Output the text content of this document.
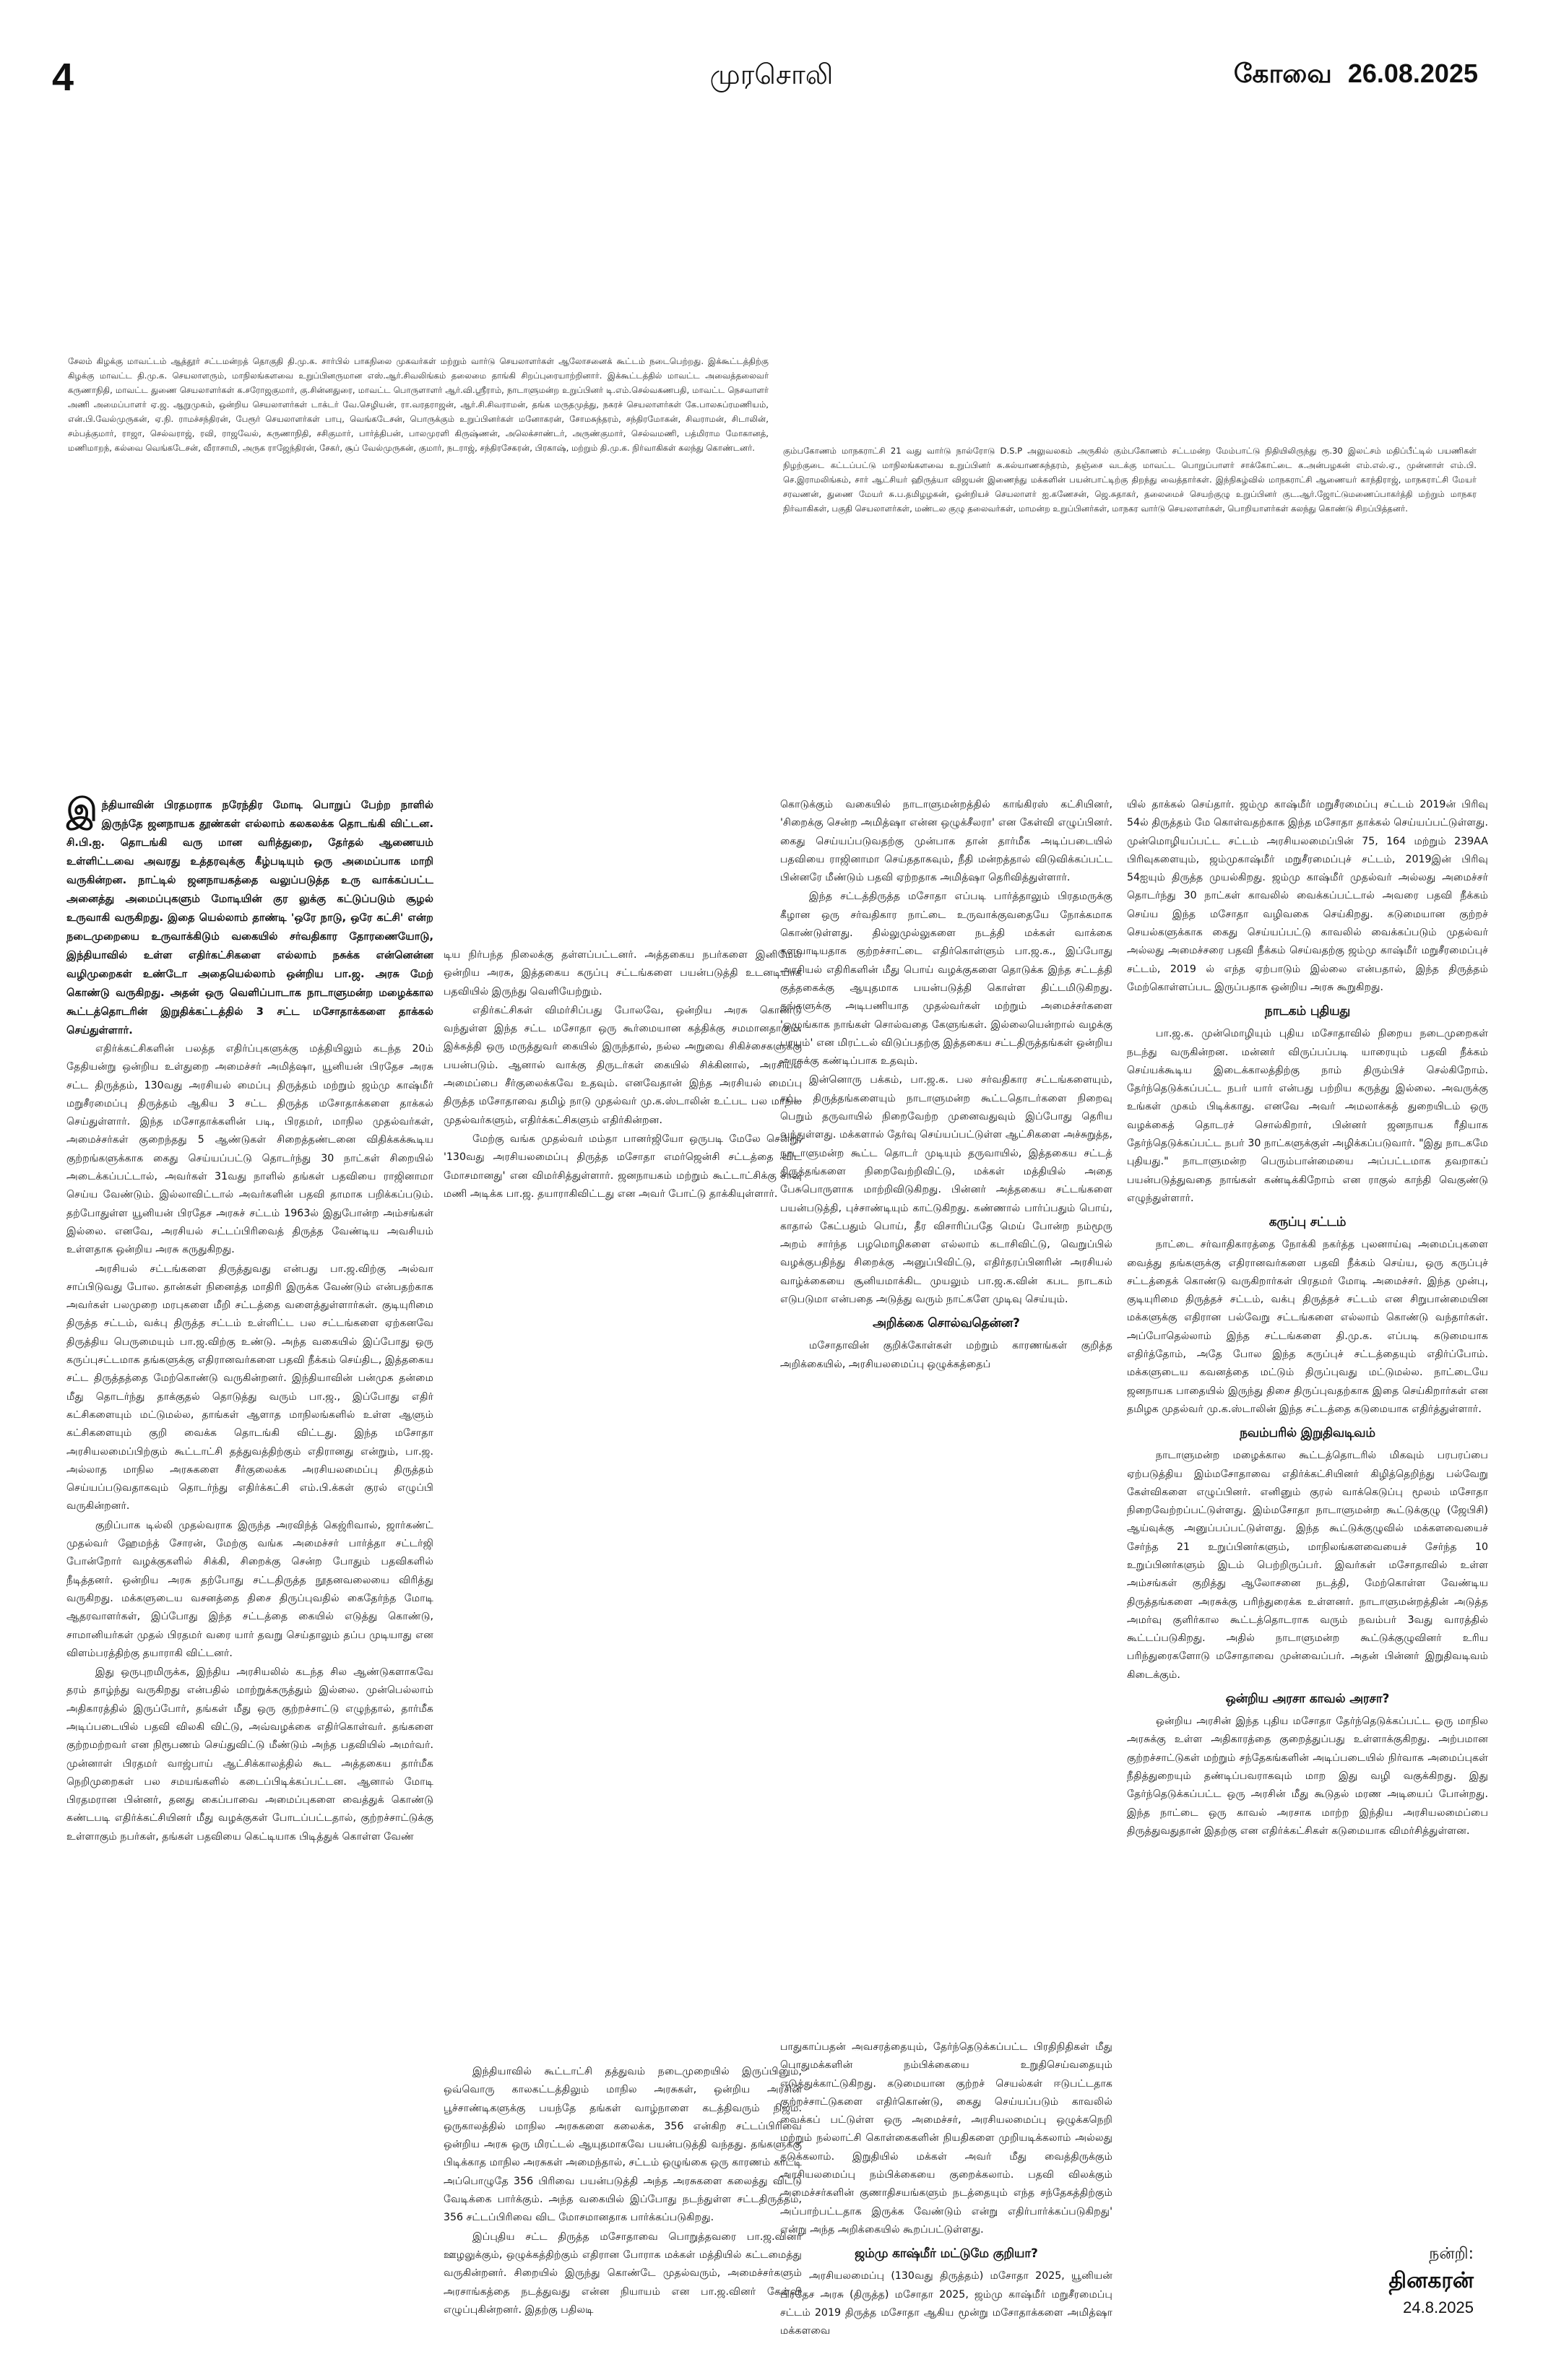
4	முரசொலி	கோவை 26.08.2025

சேலம் கிழக்கு மாவட்டம் ஆத்தூர் சட்டமன்றத் தொகுதி தி.மு.க. சார்பில் பாகநிலை முகவர்கள் மற்றும் வார்டு செயலாளர்கள் ஆலோசனைக் கூட்டம் நடைபெற்றது. இக்கூட்டத்திற்கு கிழக்கு மாவட்ட தி.மு.க. செயலாளரும், மாநிலங்களவை உறுப்பினருமான எஸ்.ஆர்.சிவலிங்கம் தலைமை தாங்கி சிறப்புரையாற்றினார். இக்கூட்டத்தில் மாவட்ட அவைத்தலைவர் கருணாநிதி, மாவட்ட துணை செயலாளர்கள் க.சரோஜகுமார், கு.சின்னதுரை, மாவட்ட பொருளாளர் ஆர்.வி.ஸ்ரீராம், நாடாளுமன்ற உறுப்பினர் டி.எம்.செல்வகணபதி, மாவட்ட நெசவாளர் அணி அமைப்பாளர் ஏ.ஜ. ஆறுமுகம், ஒன்றிய செயலாளர்கள் டாக்டர் வே.செழியன், ரா.வரதராஜன், ஆர்.சி.சிவராமன், தங்க மருதமுத்து, நகரச் செயலாளர்கள் கே.பாலசுப்ரமணியம், என்.பி.வேல்முருகன், ஏ.நி. ராமச்சந்திரன், பேரூர் செயலாளர்கள் பாபு, வெங்கடேசன், பொருக்கும் உறுப்பினர்கள் மனோகரன், சோமசுந்தரம், சந்திரமோகன், சிவராமன், சிடாலின், சம்பத்குமார், ராஜா, செல்வராஜ், ரவி, ராஜவேல், கருணாநிதி, சசிகுமார், பார்த்திபன், பாலமுரளி கிருஷ்ணன், அலெக்சாண்டர், அருண்குமார், செல்வமணி, பத்மிராம மோகானத், மணிமாறந், கல்வை வெங்கடேசன், வீராசாமி, அருக ராஜேந்திரன், சேகர், சூப் வேல்முருகன், குமார், நடராஜ், சந்திரசேகரன், பிரகாஷ், மற்றும் தி.மு.க. நிர்வாகிகள் கலந்து கொண்டனர்.	கும்பகோணம் மாநகராட்சி 21 வது வார்டு நால்ரோடு D.S.P அலுவலகம் அருகில் கும்பகோணம் சட்டமன்ற மேம்பாட்டு நிதியிலிருந்து ரூ.30 இலட்சம் மதிப்பீட்டில் பயணிகள் நிழற்குடை கட்டப்பட்டு மாநிலங்களவை உறுப்பினர் சு.கல்யாணசுந்தரம், தஞ்சை வடக்கு மாவட்ட பொறுப்பாளர் சாக்கோட்டை க.அன்பழகன் எம்.எல்.ஏ., முன்னாள் எம்.பி. செ.இராமலிங்கம், சார் ஆட்சியர் ஹிருத்யா விஜயன் இணைந்து மக்களின் பயன்பாட்டிற்கு திறந்து வைத்தார்கள். இந்நிகழ்வில் மாநகராட்சி ஆணையர் காந்திராஜ், மாநகராட்சி மேயர் சரவணன், துணை மேயர் சு.ப.தமிழழகன், ஒன்றியச் செயலாளர் ஐ.கணேசன், ஜெ.சுதாகர், தலைமைச் செயற்குழு உறுப்பினர் குட.ஆர்.ஜோட்டுமணைப்பாகர்த்தி மற்றும் மாநகர நிர்வாகிகள், பகுதி செயலாளர்கள், மண்டல குழு தலைவர்கள், மாமன்ற உறுப்பினர்கள், மாநகர வார்டு செயலாளர்கள், பொறியாளர்கள் கலந்து கொண்டு சிறப்பித்தனர்.

இந்தியாவின் பிரதமராக நரேந்திர மோடி பொறுப் பேற்ற நாளில் இருந்தே ஜனநாயக தூண்கள் எல்லாம் கலகலக்க தொடங்கி விட்டன. சி.பி.ஐ. தொடங்கி வரு மான வரித்துறை, தேர்தல் ஆணையம் உள்ளிட்டவை அவரது உத்தரவுக்கு கீழ்படியும் ஒரு அமைப்பாக மாறி வருகின்றன. நாட்டில் ஜனநாயகத்தை வலுப்படுத்த உரு வாக்கப்பட்ட அனைத்து அமைப்புகளும் மோடியின் குர லுக்கு கட்டுப்படும் சூழல் உருவாகி வருகிறது. இதை யெல்லாம் தாண்டி 'ஒரே நாடு, ஒரே கட்சி' என்ற நடைமுறையை உருவாக்கிடும் வகையில் சர்வதிகார தோரணையோடு, இந்தியாவில் உள்ள எதிர்கட்சிகளை எல்லாம் நசுக்க என்னென்ன வழிமுறைகள் உண்டோ அதையெல்லாம் ஒன்றிய பா.ஜ. அரசு மேற் கொண்டு வருகிறது. அதன் ஒரு வெளிப்பாடாக நாடாளுமன்ற மழைக்கால கூட்டத்தொடரின் இறுதிக்கட்டத்தில் 3 சட்ட மசோதாக்களை தாக்கல் செய்துள்ளார்.

எதிர்க்கட்சிகளின் பலத்த எதிர்ப்புகளுக்கு மத்தியிலும் கடந்த 20ம் தேதியன்று ஒன்றிய உள்துறை அமைச்சர் அமித்ஷா, யூனியன் பிரதேச அரசு சட்ட திருத்தம், 130வது அரசியல் மைப்பு திருத்தம் மற்றும் ஜம்மு காஷ்மீர் மறுசீரமைப்பு திருத்தம் ஆகிய 3 சட்ட திருத்த மசோதாக்களை தாக்கல் செய்துள்ளார். இந்த மசோதாக்களின் படி, பிரதமர், மாநில முதல்வர்கள், அமைச்சர்கள் குறைந்தது 5 ஆண்டுகள் சிறைத்தண்டனை விதிக்கக்கூடிய குற்றங்களுக்காக கைது செய்யப்பட்டு தொடர்ந்து 30 நாட்கள் சிறையில் அடைக்கப்பட்டால், அவர்கள் 31வது நாளில் தங்கள் பதவியை ராஜினாமா செய்ய வேண்டும். இல்லாவிட்டால் அவர்களின் பதவி தாமாக பறிக்கப்படும். தற்போதுள்ள யூனியன் பிரதேச அரசுச் சட்டம் 1963ல் இதுபோன்ற அம்சங்கள் இல்லை. எனவே, அரசியல் சட்டப்பிரிவைத் திருத்த வேண்டிய அவசியம் உள்ளதாக ஒன்றிய அரசு கருதுகிறது.

அரசியல் சட்டங்களை திருத்துவது என்பது பா.ஜ.விற்கு அல்வா சாப்பிடுவது போல. தான்கள் நினைத்த மாதிரி இருக்க வேண்டும் என்பதற்காக அவர்கள் பலமுறை மரபுகளை மீறி சட்டத்தை வளைத்துள்ளார்கள். குடியுரிமை திருத்த சட்டம், வக்பு திருத்த சட்டம் உள்ளிட்ட பல சட்டங்களை ஏற்கனவே திருத்திய பெருமையும் பா.ஜ.விற்கு உண்டு. அந்த வகையில் இப்போது ஒரு கருப்புசட்டமாக தங்களுக்கு எதிரானவர்களை பதவி நீக்கம் செய்திட, இத்தகைய சட்ட திருத்தத்தை மேற்கொண்டு வருகின்றனர். இந்தியாவின் பன்முக தன்மை மீது தொடர்ந்து தாக்குதல் தொடுத்து வரும் பா.ஜ., இப்போது எதிர் கட்சிகளையும் மட்டுமல்ல, தாங்கள் ஆளாத மாநிலங்களில் உள்ள ஆளும் கட்சிகளையும் குறி வைக்க தொடங்கி விட்டது. இந்த மசோதா அரசியலமைப்பிற்கும் கூட்டாட்சி தத்துவத்திற்கும் எதிரானது என்றும், பா.ஜ. அல்லாத மாநில அரசுகளை சீர்குலைக்க அரசியலமைப்பு திருத்தம் செய்யப்படுவதாகவும் தொடர்ந்து எதிர்க்கட்சி எம்.பி.க்கள் குரல் எழுப்பி வருகின்றனர்.

குறிப்பாக டில்லி முதல்வராக இருந்த அரவிந்த் கெஜ்ரிவால், ஜார்கண்ட் முதல்வர் ஹேமந்த் சோரன், மேற்கு வங்க அமைச்சர் பார்த்தா சட்டர்ஜி போன்றோர் வழக்குகளில் சிக்கி, சிறைக்கு சென்ற போதும் பதவிகளில் நீடித்தனர். ஒன்றிய அரசு தற்போது சட்டதிருத்த நூதனவலையை விரித்து வருகிறது. மக்களுடைய வசனத்தை திசை திருப்புவதில் கைதேர்ந்த மோடி ஆதரவாளர்கள், இப்போது இந்த சட்டத்தை கையில் எடுத்து கொண்டு, சாமானியர்கள் முதல் பிரதமர் வரை யார் தவறு செய்தாலும் தப்ப முடியாது என விளம்பரத்திற்கு தயாராகி விட்டனர்.

இது ஒருபுறமிருக்க, இந்திய அரசியலில் கடந்த சில ஆண்டுகளாகவே தரம் தாழ்ந்து வருகிறது என்பதில் மாற்றுக்கருத்தும் இல்லை. முன்பெல்லாம் அதிகாரத்தில் இருப்போர், தங்கள் மீது ஒரு குற்றச்சாட்டு எழுந்தால், தார்மீக அடிப்படையில் பதவி விலகி விட்டு, அவ்வழக்கை எதிர்கொள்வர். தங்களை குற்றமற்றவர் என நிரூபணம் செய்துவிட்டு மீண்டும் அந்த பதவியில் அமர்வர். முன்னாள் பிரதமர் வாஜ்பாய் ஆட்சிக்காலத்தில் கூட அத்தகைய தார்மீக நெறிமுறைகள் பல சமயங்களில் கடைப்பிடிக்கப்பட்டன. ஆனால் மோடி பிரதமரான பின்னர், தனது கைப்பாவை அமைப்புகளை வைத்துக் கொண்டு கண்டபடி எதிர்க்கட்சியினர் மீது வழக்குகள் போடப்பட்டதால், குற்றச்சாட்டுக்கு உள்ளாகும் நபர்கள், தங்கள் பதவியை கெட்டியாக பிடித்துக் கொள்ள வேண்

டிய நிர்பந்த நிலைக்கு தள்ளப்பட்டனர். அத்தகைய நபர்களை இனிமேல் ஒன்றிய அரசு, இத்தகைய கருப்பு சட்டங்களை பயன்படுத்தி உடனடியாக பதவியில் இருந்து வெளியேற்றும்.

எதிர்கட்சிகள் விமர்சிப்பது போலவே, ஒன்றிய அரசு கொண்டு வந்துள்ள இந்த சட்ட மசோதா ஒரு கூர்மையான கத்திக்கு சமமானதாகும். இக்கத்தி ஒரு மருத்துவர் கையில் இருந்தால், நல்ல அறுவை சிகிச்சைகளுக்கு பயன்படும். ஆனால் வாக்கு திருடர்கள் கையில் சிக்கினால், அரசியல் அமைப்பை சீர்குலைக்கவே உதவும். எனவேதான் இந்த அரசியல் மைப்பு திருத்த மசோதாவை தமிழ் நாடு முதல்வர் மு.க.ஸ்டாலின் உட்பட பல மாநில முதல்வர்களும், எதிர்க்கட்சிகளும் எதிர்கின்றன.

மேற்கு வங்க முதல்வர் மம்தா பானர்ஜியோ ஒருபடி மேலே சென்று, '130வது அரசியலமைப்பு திருத்த மசோதா எமர்ஜென்சி சட்டத்தை விட மோசமானது' என விமர்சித்துள்ளார். ஜனநாயகம் மற்றும் கூட்டாட்சிக்கு சாவு மணி அடிக்க பா.ஜ. தயாராகிவிட்டது என அவர் போட்டு தாக்கியுள்ளார்.

இந்தியாவில் கூட்டாட்சி தத்துவம் நடைமுறையில் இருப்பினும், ஒவ்வொரு காலகட்டத்திலும் மாநில அரசுகள், ஒன்றிய அரசின் பூச்சாண்டிகளுக்கு பயந்தே தங்கள் வாழ்நாளை கடத்திவரும் நிஜம். ஒருகாலத்தில் மாநில அரசுகளை கலைக்க, 356 என்கிற சட்டப்பிரிவை ஒன்றிய அரசு ஒரு மிரட்டல் ஆயுதமாகவே பயன்படுத்தி வந்தது. தங்களுக்கு பிடிக்காத மாநில அரசுகள் அமைந்தால், சட்டம் ஒழுங்கை ஒரு காரணம் காட்டி அப்பொழுதே 356 பிரிவை பயன்படுத்தி அந்த அரசுகளை கலைத்து விட்டு வேடிக்கை பார்க்கும். அந்த வகையில் இப்போது நடந்துள்ள சட்டதிருத்தம், 356 சட்டப்பிரிவை விட மோசமானதாக பார்க்கப்படுகிறது.

இப்புதிய சட்ட திருத்த மசோதாவை பொறுத்தவரை பா.ஜ.வினர் ஊழலுக்கும், ஒழுக்கத்திற்கும் எதிரான போராக மக்கள் மத்தியில் கட்டமைத்து வருகின்றனர். சிறையில் இருந்து கொண்டே முதல்வரும், அமைச்சர்களும் அரசாங்கத்தை நடத்துவது என்ன நியாயம் என பா.ஜ.வினர் கேள்வி எழுப்புகின்றனர். இதற்கு பதிலடி

கொடுக்கும் வகையில் நாடாளுமன்றத்தில் காங்கிரஸ் கட்சியினர், 'சிறைக்கு சென்ற அமித்ஷா என்ன ஒழுக்சீலரா' என கேள்வி எழுப்பினர். கைது செய்யப்படுவதற்கு முன்பாக தான் தார்மீக அடிப்படையில் பதவியை ராஜினாமா செய்ததாகவும், நீதி மன்றத்தால் விடுவிக்கப்பட்ட பின்னரே மீண்டும் பதவி ஏற்றதாக அமித்ஷா தெரிவித்துள்ளார்.

இந்த சட்டத்திருத்த மசோதா எப்படி பார்த்தாலும் பிரதமருக்கு கீழான ஒரு சர்வதிகார நாட்டை உருவாக்குவதையே நோக்கமாக கொண்டுள்ளது. தில்லுமுல்லுகளை நடத்தி மக்கள் வாக்கை களவாடியதாக குற்றச்சாட்டை எதிர்கொள்ளும் பா.ஜ.க., இப்போது அரசியல் எதிரிகளின் மீது பொய் வழக்குகளை தொடுக்க இந்த சட்டத்தி குத்தகைக்கு ஆயுதமாக பயன்படுத்தி கொள்ள திட்டமிடுகிறது. தங்களுக்கு அடிபணியாத முதல்வர்கள் மற்றும் அமைச்சர்களை 'ஒழுங்காக நாங்கள் சொல்வதை கேளுங்கள். இல்லையென்றால் வழக்கு பாயும்' என மிரட்டல் விடுப்பதற்கு இத்தகைய சட்டதிருத்தங்கள் ஒன்றிய அரசுக்கு கண்டிப்பாக உதவும்.

இன்னொரு பக்கம், பா.ஜ.க. பல சர்வதிகார சட்டங்களையும், சட்ட திருத்தங்களையும் நாடாளுமன்ற கூட்டதொடர்களை நிறைவு பெறும் தருவாயில் நிறைவேற்ற முனைவதுவும் இப்போது தெரிய வந்துள்ளது. மக்களால் தேர்வு செய்யப்பட்டுள்ள ஆட்சிகளை அச்சுறுத்த, நாடாளுமன்ற கூட்ட தொடர் முடியும் தருவாயில், இத்தகைய சட்டத் திருத்தங்களை நிறைவேற்றிவிட்டு, மக்கள் மத்தியில் அதை பேசுபொருளாக மாற்றிவிடுகிறது. பின்னர் அத்தகைய சட்டங்களை பயன்படுத்தி, புச்சாண்டியும் காட்டுகிறது. கண்ணால் பார்ப்பதும் பொய், காதால் கேட்பதும் பொய், தீர விசாரிப்பதே மெய் போன்ற நம்மூரு அறம் சார்ந்த பழமொழிகளை எல்லாம் கடாசிவிட்டு, வெறுப்பில் வழக்குபதிந்து சிறைக்கு அனுப்பிவிட்டு, எதிர்தரப்பினரின் அரசியல் வாழ்க்கையை சூனியமாக்கிட முயலும் பா.ஜ.க.வின் கபட நாடகம் எடுபடுமா என்பதை அடுத்து வரும் நாட்களே முடிவு செய்யும்.

அறிக்கை சொல்வதென்ன?

மசோதாவின் குறிக்கோள்கள் மற்றும் காரணங்கள் குறித்த அறிக்கையில், அரசியலமைப்பு ஒழுக்கத்தைப்

பாதுகாப்பதன் அவசரத்தையும், தேர்ந்தெடுக்கப்பட்ட பிரதிநிதிகள் மீது பொதுமக்களின் நம்பிக்கையை உறுதிசெய்வதையும் எடுத்துக்காட்டுகிறது. கடுமையான குற்றச் செயல்கள் ஈடுபட்டதாக குற்றச்சாட்டுகளை எதிர்கொண்டு, கைது செய்யப்படும் காவலில் வைக்கப் பட்டுள்ள ஒரு அமைச்சர், அரசியலமைப்பு ஒழுக்கநெறி மற்றும் நல்லாட்சி கொள்கைகளின் நியதிகளை முறியடிக்கலாம் அல்லது தடுக்கலாம். இறுதியில் மக்கள் அவர் மீது வைத்திருக்கும் அரசியலமைப்பு நம்பிக்கையை குறைக்கலாம். பதவி விலக்கும் அமைச்சர்களின் குணாதிசயங்களும் நடத்தையும் எந்த சந்தேகத்திற்கும் அப்பாற்பட்டதாக இருக்க வேண்டும் என்று எதிர்பார்க்கப்படுகிறது' என்று அந்த அறிக்கையில் கூறப்பட்டுள்ளது.

ஜம்மு காஷ்மீர் மட்டுமே குறியா?

அரசியலமைப்பு (130வது திருத்தம்) மசோதா 2025, யூனியன் பிரதேச அரசு (திருத்த) மசோதா 2025, ஜம்மு காஷ்மீர் மறுசீரமைப்பு சட்டம் 2019 திருத்த மசோதா ஆகிய மூன்று மசோதாக்களை அமித்ஷா மக்களவை

யில் தாக்கல் செய்தார். ஜம்மு காஷ்மீர் மறுசீரமைப்பு சட்டம் 2019ன் பிரிவு 54ல் திருத்தம் மே கொள்வதற்காக இந்த மசோதா தாக்கல் செய்யப்பட்டுள்ளது. முன்மொழியப்பட்ட சட்டம் அரசியலமைப்பின் 75, 164 மற்றும் 239AA பிரிவுகளையும், ஜம்முகாஷ்மீர் மறுசீரமைப்புச் சட்டம், 2019இன் பிரிவு 54ஐயும் திருத்த முயல்கிறது. ஜம்மு காஷ்மீர் முதல்வர் அல்லது அமைச்சர் தொடர்ந்து 30 நாட்கள் காவலில் வைக்கப்பட்டால் அவரை பதவி நீக்கம் செய்ய இந்த மசோதா வழிவகை செய்கிறது. கடுமையான குற்றச் செயல்களுக்காக கைது செய்யப்பட்டு காவலில் வைக்கப்படும் முதல்வர் அல்லது அமைச்சரை பதவி நீக்கம் செய்வதற்கு ஜம்மு காஷ்மீர் மறுசீரமைப்புச் சட்டம், 2019 ல் எந்த ஏற்பாடும் இல்லை என்பதால், இந்த திருத்தம் மேற்கொள்ளப்பட இருப்பதாக ஒன்றிய அரசு கூறுகிறது.

நாடகம் புதியது

பா.ஜ.க. முன்மொழியும் புதிய மசோதாவில் நிறைய நடைமுறைகள் நடந்து வருகின்றன. மன்னர் விருப்பப்படி யாரையும் பதவி நீக்கம் செய்யக்கூடிய இடைக்காலத்திற்கு நாம் திரும்பிச் செல்கிறோம். தேர்ந்தெடுக்கப்பட்ட நபர் யார் என்பது பற்றிய கருத்து இல்லை. அவருக்கு உங்கள் முகம் பிடிக்காது. எனவே அவர் அமலாக்கத் துறையிடம் ஒரு வழக்கைத் தொடரச் சொல்கிறார், பின்னர் ஜனநாயக ரீதியாக தேர்ந்தெடுக்கப்பட்ட நபர் 30 நாட்களுக்குள் அழிக்கப்படுவார். "இது நாடகமே புதியது." நாடாளுமன்ற பெரும்பான்மையை அப்பட்டமாக தவறாகப் பயன்படுத்துவதை நாங்கள் கண்டிக்கிறோம் என ராகுல் காந்தி வெகுண்டு எழுந்துள்ளார்.

கருப்பு சட்டம்

நாட்டை சர்வாதிகாரத்தை நோக்கி நகர்த்த புலனாய்வு அமைப்புகளை வைத்து தங்களுக்கு எதிரானவர்களை பதவி நீக்கம் செய்ய, ஒரு கருப்புச் சட்டத்தைக் கொண்டு வருகிறார்கள் பிரதமர் மோடி அமைச்சர். இந்த முன்பு, குடியுரிமை திருத்தச் சட்டம், வக்பு திருத்தச் சட்டம் என சிறுபான்மையின மக்களுக்கு எதிரான பல்வேறு சட்டங்களை எல்லாம் கொண்டு வந்தார்கள். அப்போதெல்லாம் இந்த சட்டங்களை தி.மு.க. எப்படி கடுமையாக எதிர்த்தோம், அதே போல இந்த கருப்புச் சட்டத்தையும் எதிர்ப்போம். மக்களுடைய கவனத்தை மட்டும் திருப்புவது மட்டுமல்ல. நாட்டையே ஜனநாயக பாதையில் இருந்து திசை திருப்புவதற்காக இதை செய்கிறார்கள் என தமிழக முதல்வர் மு.க.ஸ்டாலின் இந்த சட்டத்தை கடுமையாக எதிர்த்துள்ளார்.

நவம்பரில் இறுதிவடிவம்

நாடாளுமன்ற மழைக்கால கூட்டத்தொடரில் மிகவும் பரபரப்பை ஏற்படுத்திய இம்மசோதாவை எதிர்க்கட்சியினர் கிழித்தெறிந்து பல்வேறு கேள்விகளை எழுப்பினர். எனினும் குரல் வாக்கெடுப்பு மூலம் மசோதா நிறைவேற்றப்பட்டுள்ளது. இம்மசோதா நாடாளுமன்ற கூட்டுக்குழு (ஜேபிசி) ஆய்வுக்கு அனுப்பப்பட்டுள்ளது. இந்த கூட்டுக்குழுவில் மக்களவையைச் சேர்ந்த 21 உறுப்பினர்களும், மாநிலங்களவையைச் சேர்ந்த 10 உறுப்பினர்களும் இடம் பெற்றிருப்பர். இவர்கள் மசோதாவில் உள்ள அம்சங்கள் குறித்து ஆலோசனை நடத்தி, மேற்கொள்ள வேண்டிய திருத்தங்களை அரசுக்கு பரிந்துரைக்க உள்ளனர். நாடாளுமன்றத்தின் அடுத்த அமர்வு குளிர்கால கூட்டத்தொடராக வரும் நவம்பர் 3வது வாரத்தில் கூட்டப்படுகிறது. அதில் நாடாளுமன்ற கூட்டுக்குழுவினர் உரிய பரிந்துரைகளோடு மசோதாவை முன்வைப்பர். அதன் பின்னர் இறுதிவடிவம் கிடைக்கும்.

ஒன்றிய அரசா காவல் அரசா?

ஒன்றிய அரசின் இந்த புதிய மசோதா தேர்ந்தெடுக்கப்பட்ட ஒரு மாநில அரசுக்கு உள்ள அதிகாரத்தை குறைத்துப்பது உள்ளாக்குகிறது. அற்பமான குற்றச்சாட்டுகள் மற்றும் சந்தேகங்களின் அடிப்படையில் நிர்வாக அமைப்புகள் நீதித்துறையும் தண்டிப்பவராகவும் மாற இது வழி வகுக்கிறது. இது தேர்ந்தெடுக்கப்பட்ட ஒரு அரசின் மீது கூடுதல் மரண அடியைப் போன்றது. இந்த நாட்டை ஒரு காவல் அரசாக மாற்ற இந்திய அரசியலமைப்பை திருத்துவதுதான் இதற்கு என எதிர்க்கட்சிகள் கடுமையாக விமர்சித்துள்ளன.

நன்றி:
தினகரன்
24.8.2025
